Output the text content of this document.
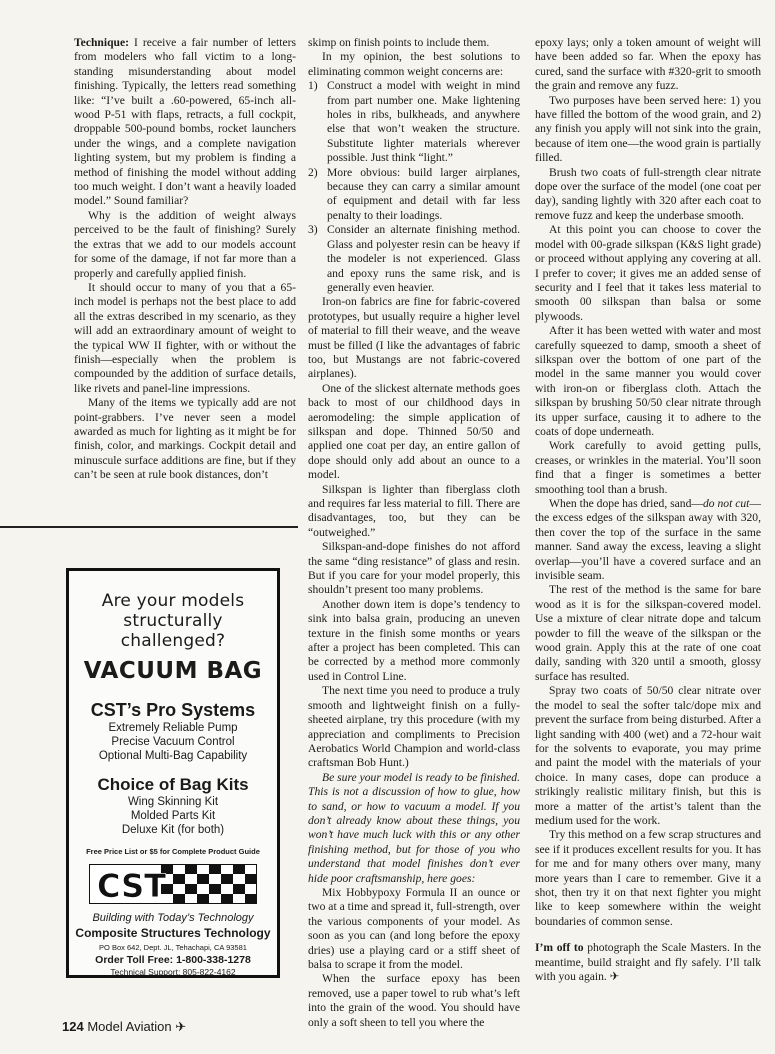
Technique: I receive a fair number of letters from modelers who fall victim to a long-standing misunderstanding about model finishing. Typically, the letters read something like: “I’ve built a .60-powered, 65-inch all-wood P-51 with flaps, retracts, a full cockpit, droppable 500-pound bombs, rocket launchers under the wings, and a complete navigation lighting system, but my problem is finding a method of finishing the model without adding too much weight. I don’t want a heavily loaded model.” Sound familiar?

Why is the addition of weight always perceived to be the fault of finishing? Surely the extras that we add to our models account for some of the damage, if not far more than a properly and carefully applied finish.

It should occur to many of you that a 65-inch model is perhaps not the best place to add all the extras described in my scenario, as they will add an extraordinary amount of weight to the typical WW II fighter, with or without the finish—especially when the problem is compounded by the addition of surface details, like rivets and panel-line impressions.

Many of the items we typically add are not point-grabbers. I’ve never seen a model awarded as much for lighting as it might be for finish, color, and markings. Cockpit detail and minuscule surface additions are fine, but if they can’t be seen at rule book distances, don’t

Are your models structurally challenged?
VACUUM BAG
CST’s Pro Systems
Extremely Reliable Pump
Precise Vacuum Control
Optional Multi-Bag Capability
Choice of Bag Kits
Wing Skinning Kit
Molded Parts Kit
Deluxe Kit (for both)
Free Price List or $5 for Complete Product Guide
CST
Building with Today’s Technology
Composite Structures Technology
PO Box 642, Dept. JL, Tehachapi, CA 93581
Order Toll Free: 1-800-338-1278
Technical Support: 805-822-4162

skimp on finish points to include them.

In my opinion, the best solutions to eliminating common weight concerns are:

1) Construct a model with weight in mind from part number one. Make lightening holes in ribs, bulkheads, and anywhere else that won’t weaken the structure. Substitute lighter materials wherever possible. Just think “light.”
2) More obvious: build larger airplanes, because they can carry a similar amount of equipment and detail with far less penalty to their loadings.
3) Consider an alternate finishing method. Glass and polyester resin can be heavy if the modeler is not experienced. Glass and epoxy runs the same risk, and is generally even heavier.

Iron-on fabrics are fine for fabric-covered prototypes, but usually require a higher level of material to fill their weave, and the weave must be filled (I like the advantages of fabric too, but Mustangs are not fabric-covered airplanes).

One of the slickest alternate methods goes back to most of our childhood days in aeromodeling: the simple application of silkspan and dope. Thinned 50/50 and applied one coat per day, an entire gallon of dope should only add about an ounce to a model.

Silkspan is lighter than fiberglass cloth and requires far less material to fill. There are disadvantages, too, but they can be “outweighed.”

Silkspan-and-dope finishes do not afford the same “ding resistance” of glass and resin. But if you care for your model properly, this shouldn’t present too many problems.

Another down item is dope’s tendency to sink into balsa grain, producing an uneven texture in the finish some months or years after a project has been completed. This can be corrected by a method more commonly used in Control Line.

The next time you need to produce a truly smooth and lightweight finish on a fully-sheeted airplane, try this procedure (with my appreciation and compliments to Precision Aerobatics World Champion and world-class craftsman Bob Hunt.)

Be sure your model is ready to be finished. This is not a discussion of how to glue, how to sand, or how to vacuum a model. If you don’t already know about these things, you won’t have much luck with this or any other finishing method, but for those of you who understand that model finishes don’t ever hide poor craftsmanship, here goes:

Mix Hobbypoxy Formula II an ounce or two at a time and spread it, full-strength, over the various components of your model. As soon as you can (and long before the epoxy dries) use a playing card or a stiff sheet of balsa to scrape it from the model.

When the surface epoxy has been removed, use a paper towel to rub what’s left into the grain of the wood. You should have only a soft sheen to tell you where the

epoxy lays; only a token amount of weight will have been added so far. When the epoxy has cured, sand the surface with #320-grit to smooth the grain and remove any fuzz.

Two purposes have been served here: 1) you have filled the bottom of the wood grain, and 2) any finish you apply will not sink into the grain, because of item one—the wood grain is partially filled.

Brush two coats of full-strength clear nitrate dope over the surface of the model (one coat per day), sanding lightly with 320 after each coat to remove fuzz and keep the underbase smooth.

At this point you can choose to cover the model with 00-grade silkspan (K&S light grade) or proceed without applying any covering at all. I prefer to cover; it gives me an added sense of security and I feel that it takes less material to smooth 00 silkspan than balsa or some plywoods.

After it has been wetted with water and most carefully squeezed to damp, smooth a sheet of silkspan over the bottom of one part of the model in the same manner you would cover with iron-on or fiberglass cloth. Attach the silkspan by brushing 50/50 clear nitrate through its upper surface, causing it to adhere to the coats of dope underneath.

Work carefully to avoid getting pulls, creases, or wrinkles in the material. You’ll soon find that a finger is sometimes a better smoothing tool than a brush.

When the dope has dried, sand—do not cut—the excess edges of the silkspan away with 320, then cover the top of the surface in the same manner. Sand away the excess, leaving a slight overlap—you’ll have a covered surface and an invisible seam.

The rest of the method is the same for bare wood as it is for the silkspan-covered model. Use a mixture of clear nitrate dope and talcum powder to fill the weave of the silkspan or the wood grain. Apply this at the rate of one coat daily, sanding with 320 until a smooth, glossy surface has resulted.

Spray two coats of 50/50 clear nitrate over the model to seal the softer talc/dope mix and prevent the surface from being disturbed. After a light sanding with 400 (wet) and a 72-hour wait for the solvents to evaporate, you may prime and paint the model with the materials of your choice. In many cases, dope can produce a strikingly realistic military finish, but this is more a matter of the artist’s talent than the medium used for the work.

Try this method on a few scrap structures and see if it produces excellent results for you. It has for me and for many others over many, many more years than I care to remember. Give it a shot, then try it on that next fighter you might like to keep somewhere within the weight boundaries of common sense.

I’m off to photograph the Scale Masters. In the meantime, build straight and fly safely. I’ll talk with you again. ✈

124 Model Aviation ✈
